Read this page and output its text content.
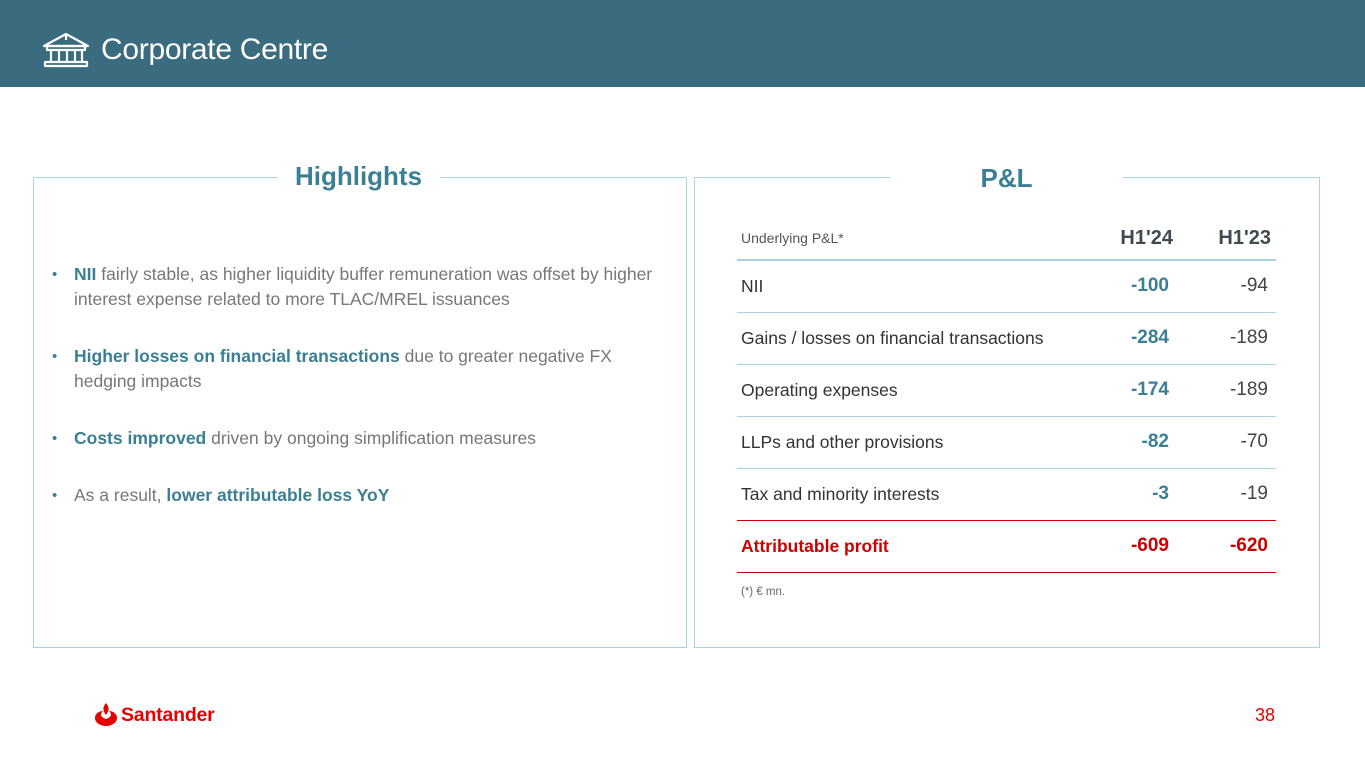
Corporate Centre
Highlights
• NII fairly stable, as higher liquidity buffer remuneration was offset by higher interest expense related to more TLAC/MREL issuances
• Higher losses on financial transactions due to greater negative FX hedging impacts
• Costs improved driven by ongoing simplification measures
• As a result, lower attributable loss YoY
P&L
Underlying P&L*	H1'24 H1'23
NII	-100	-94
Gains / losses on financial transactions	-284	-189
Operating expenses	-174	-189
LLPs and other provisions	-82	-70
Tax and minority interests	-3	-19
Attributable profit	-609	-620
(*) € mn.
Santander	38
